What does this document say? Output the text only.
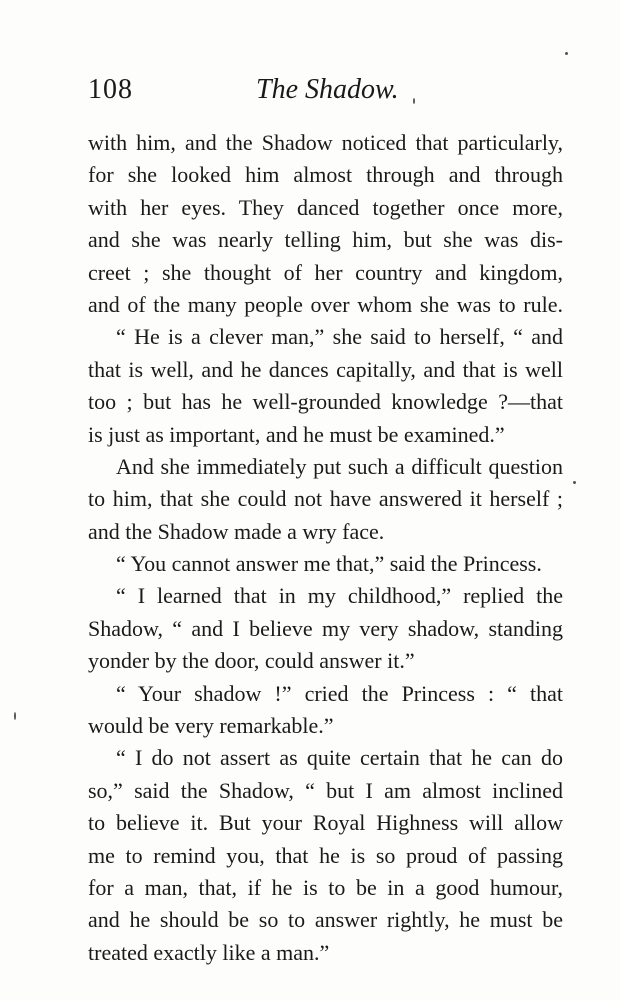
108	The Shadow.
with him, and the Shadow noticed that particularly,
for she looked him almost through and through
with her eyes. They danced together once more,
and she was nearly telling him, but she was dis-
creet ; she thought of her country and kingdom,
and of the many people over whom she was to rule.
“ He is a clever man,” she said to herself, “ and
that is well, and he dances capitally, and that is well
too ; but has he well-grounded knowledge ?—that
is just as important, and he must be examined.”
And she immediately put such a difficult question
to him, that she could not have answered it herself ;
and the Shadow made a wry face.
“ You cannot answer me that,” said the Princess.
“ I learned that in my childhood,” replied the
Shadow, “ and I believe my very shadow, standing
yonder by the door, could answer it.”
“ Your shadow !” cried the Princess : “ that
would be very remarkable.”
“ I do not assert as quite certain that he can do
so,” said the Shadow, “ but I am almost inclined
to believe it. But your Royal Highness will allow
me to remind you, that he is so proud of passing
for a man, that, if he is to be in a good humour,
and he should be so to answer rightly, he must be
treated exactly like a man.”
